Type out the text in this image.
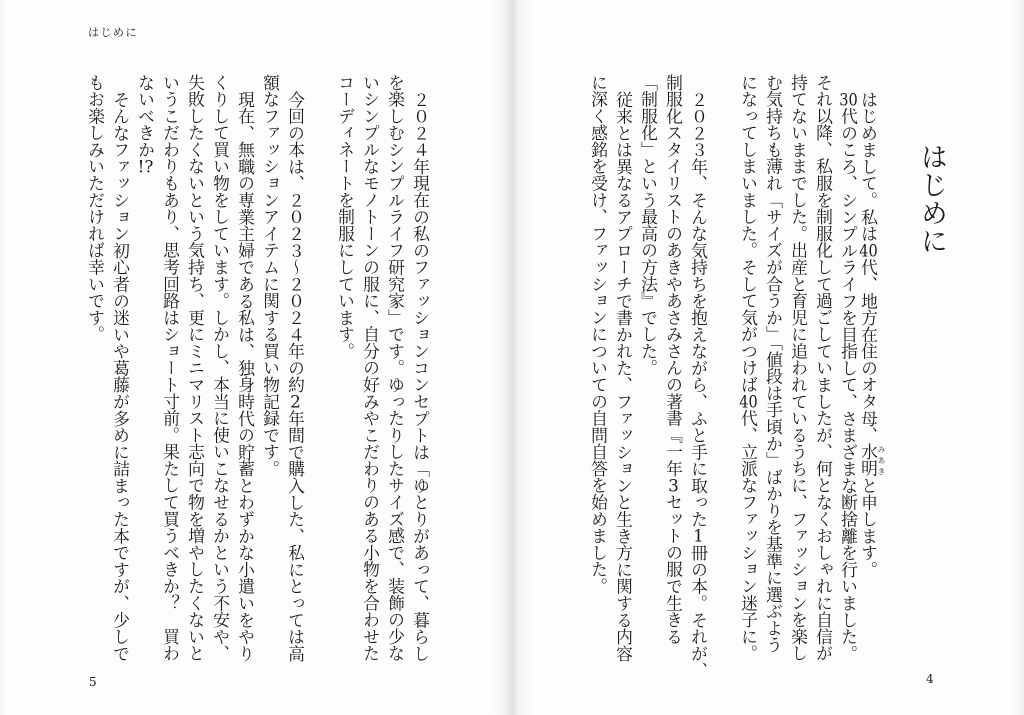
はじめに
２０２４年現在の私のファッションコンセプトは「ゆとりがあって、暮らし
を楽しむシンプルライフ研究家」です。ゆったりしたサイズ感で、装飾の少な
いシンプルなモノトーンの服に、自分の好みやこだわりのある小物を合わせた
コーディネートを制服にしています。
今回の本は、２０２３～２０２４年の約2年間で購入した、私にとっては高
額なファッションアイテムに関する買い物記録です。
現在、無職の専業主婦である私は、独身時代の貯蓄とわずかな小遣いをやり
くりして買い物をしています。しかし、本当に使いこなせるかという不安や、
失敗したくないという気持ち、更にミニマリスト志向で物を増やしたくないと
いうこだわりもあり、思考回路はショート寸前。果たして買うべきか？　買わ
ないべきか!?
そんなファッション初心者の迷いや葛藤が多めに詰まった本ですが、少しで
もお楽しみいただければ幸いです。
5
はじめに
はじめまして。私は40代、地方在住のオタ母、水明みあきと申します。
30代のころ、シンプルライフを目指して、さまざまな断捨離を行いました。
それ以降、私服を制服化して過ごしていましたが、何となくおしゃれに自信が
持てないままでした。出産と育児に追われているうちに、ファッションを楽し
む気持ちも薄れ「サイズが合うか」「値段は手頃か」ばかりを基準に選ぶよう
になってしまいました。そして気がつけば40代、立派なファッション迷子に。
２０２３年、そんな気持ちを抱えながら、ふと手に取った1冊の本。それが、
制服化スタイリストのあきやあさみさんの著書『一年3セットの服で生きる
「制服化」という最高の方法』でした。
従来とは異なるアプローチで書かれた、ファッションと生き方に関する内容
に深く感銘を受け、ファッションについての自問自答を始めました。
4
